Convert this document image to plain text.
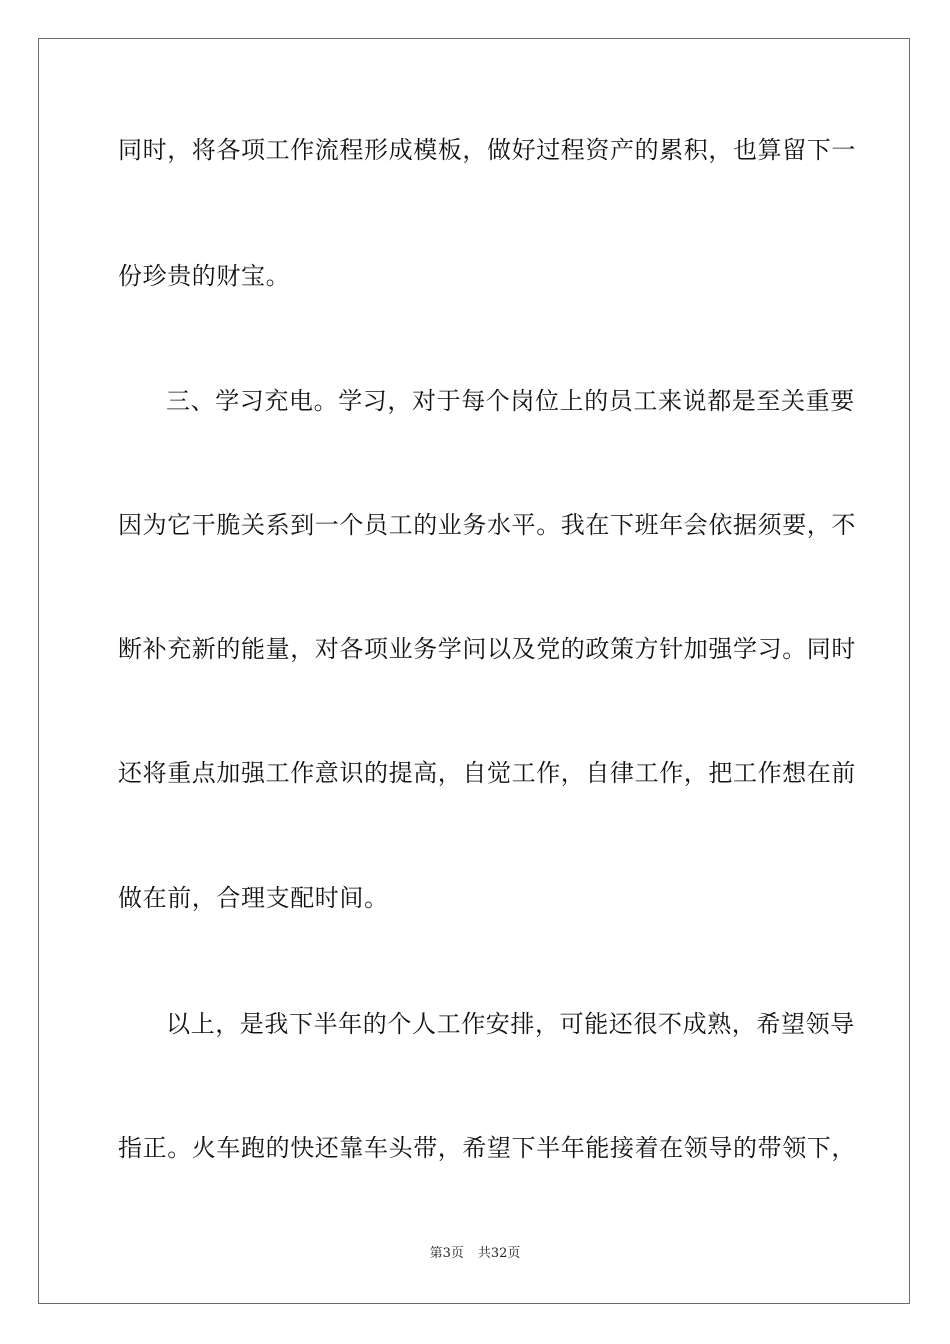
同时，将各项工作流程形成模板，做好过程资产的累积，也算留下一
份珍贵的财宝。
三、学习充电。学习，对于每个岗位上的员工来说都是至关重要
因为它干脆关系到一个员工的业务水平。我在下班年会依据须要，不
断补充新的能量，对各项业务学问以及党的政策方针加强学习。同时
还将重点加强工作意识的提高，自觉工作，自律工作，把工作想在前
做在前，合理支配时间。
以上，是我下半年的个人工作安排，可能还很不成熟，希望领导
指正。火车跑的快还靠车头带，希望下半年能接着在领导的带领下，
第3页 共32页
